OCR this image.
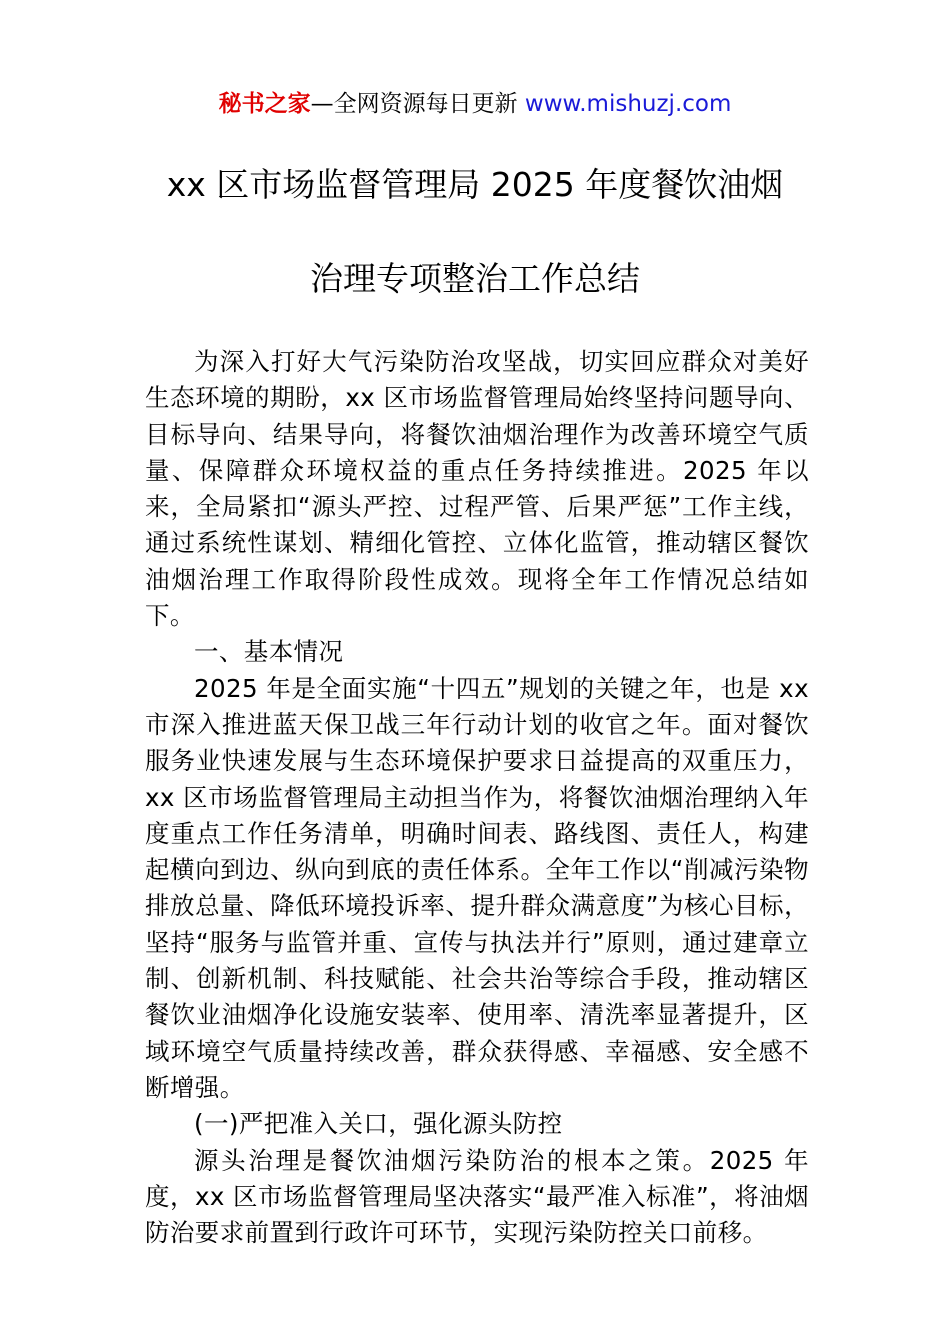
秘书之家—全网资源每日更新 www.mishuzj.com
xx 区市场监督管理局 2025 年度餐饮油烟
治理专项整治工作总结

为深入打好大气污染防治攻坚战，切实回应群众对美好生态环境的期盼，xx 区市场监督管理局始终坚持问题导向、目标导向、结果导向，将餐饮油烟治理作为改善环境空气质量、保障群众环境权益的重点任务持续推进。2025 年以来，全局紧扣“源头严控、过程严管、后果严惩”工作主线，通过系统性谋划、精细化管控、立体化监管，推动辖区餐饮油烟治理工作取得阶段性成效。现将全年工作情况总结如下。

一、基本情况

2025 年是全面实施“十四五”规划的关键之年，也是 xx 市深入推进蓝天保卫战三年行动计划的收官之年。面对餐饮服务业快速发展与生态环境保护要求日益提高的双重压力，xx 区市场监督管理局主动担当作为，将餐饮油烟治理纳入年度重点工作任务清单，明确时间表、路线图、责任人，构建起横向到边、纵向到底的责任体系。全年工作以“削减污染物排放总量、降低环境投诉率、提升群众满意度”为核心目标，坚持“服务与监管并重、宣传与执法并行”原则，通过建章立制、创新机制、科技赋能、社会共治等综合手段，推动辖区餐饮业油烟净化设施安装率、使用率、清洗率显著提升，区域环境空气质量持续改善，群众获得感、幸福感、安全感不断增强。

(一)严把准入关口，强化源头防控

源头治理是餐饮油烟污染防治的根本之策。2025 年度，xx 区市场监督管理局坚决落实“最严准入标准”，将油烟防治要求前置到行政许可环节，实现污染防控关口前移。
